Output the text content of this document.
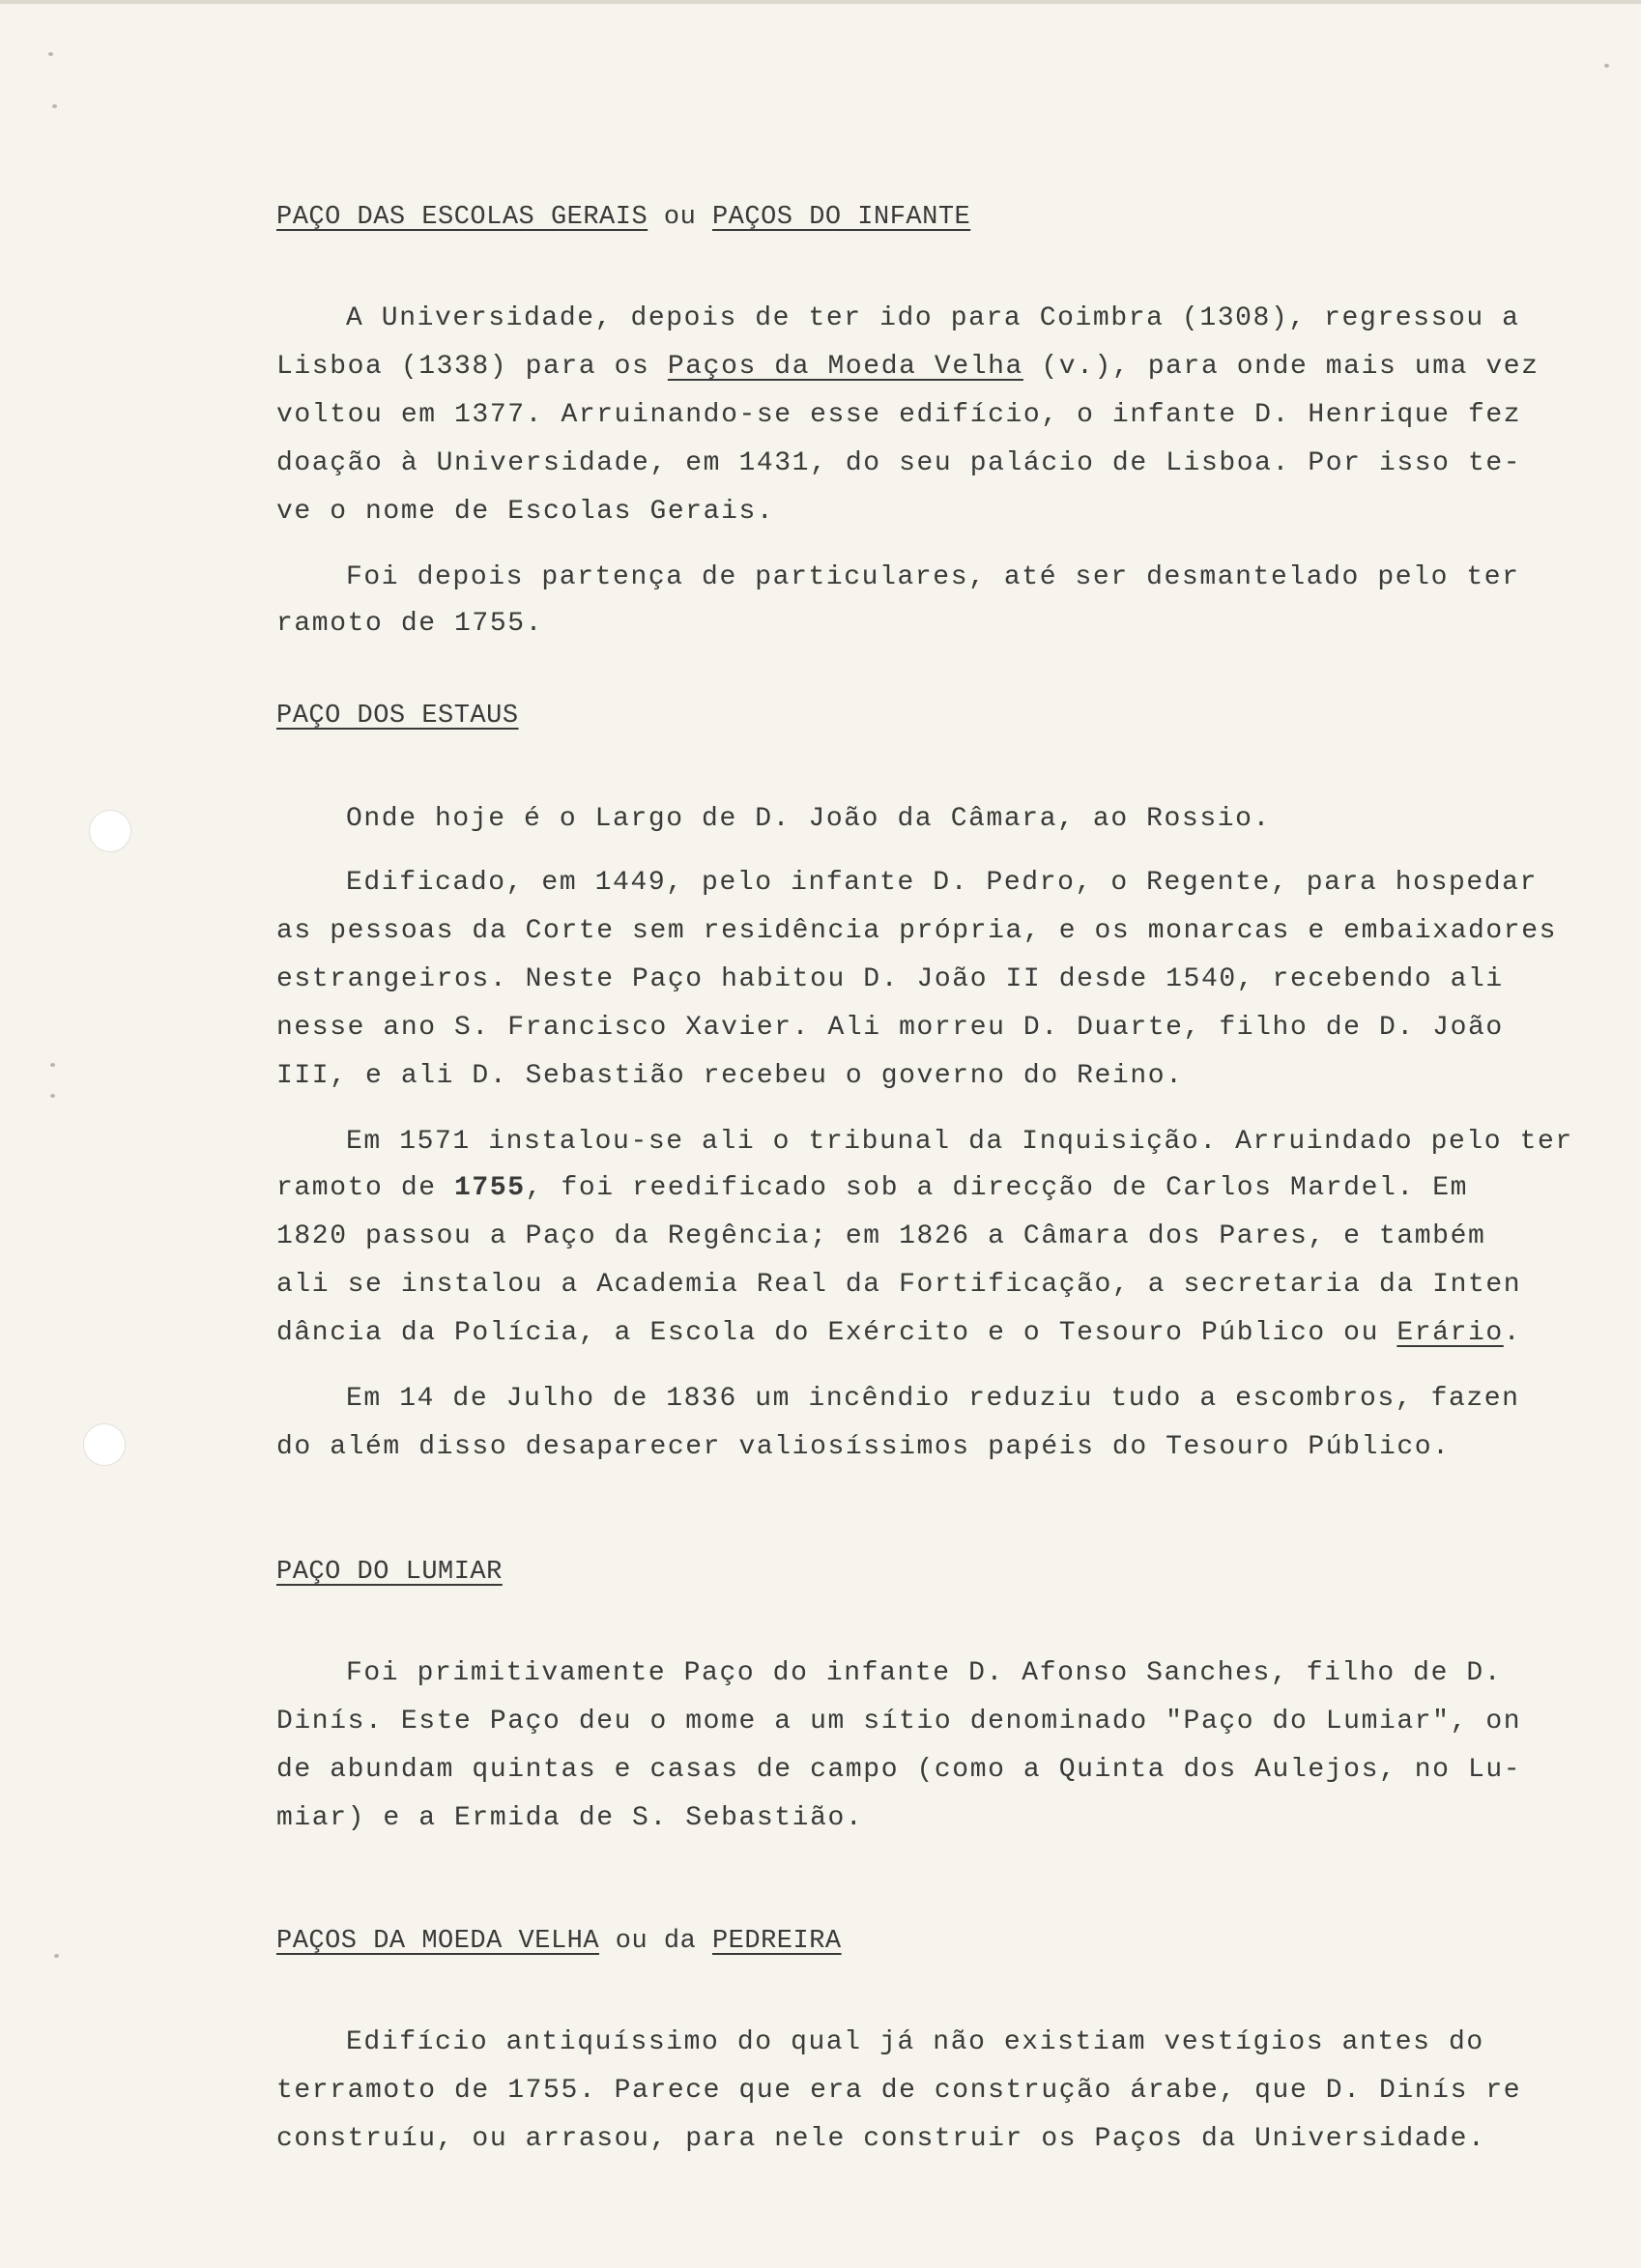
PAÇO DAS ESCOLAS GERAIS ou PAÇOS DO INFANTE
A Universidade, depois de ter ido para Coimbra (1308), regressou a
Lisboa (1338) para os Paços da Moeda Velha (v.), para onde mais uma vez
voltou em 1377. Arruinando-se esse edifício, o infante D. Henrique fez
doação à Universidade, em 1431, do seu palácio de Lisboa. Por isso te-
ve o nome de Escolas Gerais.
Foi depois partença de particulares, até ser desmantelado pelo ter
ramoto de 1755.
PAÇO DOS ESTAUS
Onde hoje é o Largo de D. João da Câmara, ao Rossio.
Edificado, em 1449, pelo infante D. Pedro, o Regente, para hospedar
as pessoas da Corte sem residência própria, e os monarcas e embaixadores
estrangeiros. Neste Paço habitou D. João II desde 1540, recebendo ali
nesse ano S. Francisco Xavier. Ali morreu D. Duarte, filho de D. João
III, e ali D. Sebastião recebeu o governo do Reino.
Em 1571 instalou-se ali o tribunal da Inquisição. Arruindado pelo ter
ramoto de 1755, foi reedificado sob a direcção de Carlos Mardel. Em
1820 passou a Paço da Regência; em 1826 a Câmara dos Pares, e também
ali se instalou a Academia Real da Fortificação, a secretaria da Inten
dância da Polícia, a Escola do Exército e o Tesouro Público ou Erário.
Em 14 de Julho de 1836 um incêndio reduziu tudo a escombros, fazen
do além disso desaparecer valiosíssimos papéis do Tesouro Público.
PAÇO DO LUMIAR
Foi primitivamente Paço do infante D. Afonso Sanches, filho de D.
Dinís. Este Paço deu o mome a um sítio denominado "Paço do Lumiar", on
de abundam quintas e casas de campo (como a Quinta dos Aulejos, no Lu-
miar) e a Ermida de S. Sebastião.
PAÇOS DA MOEDA VELHA ou da PEDREIRA
Edifício antiquíssimo do qual já não existiam vestígios antes do
terramoto de 1755. Parece que era de construção árabe, que D. Dinís re
construíu, ou arrasou, para nele construir os Paços da Universidade.
